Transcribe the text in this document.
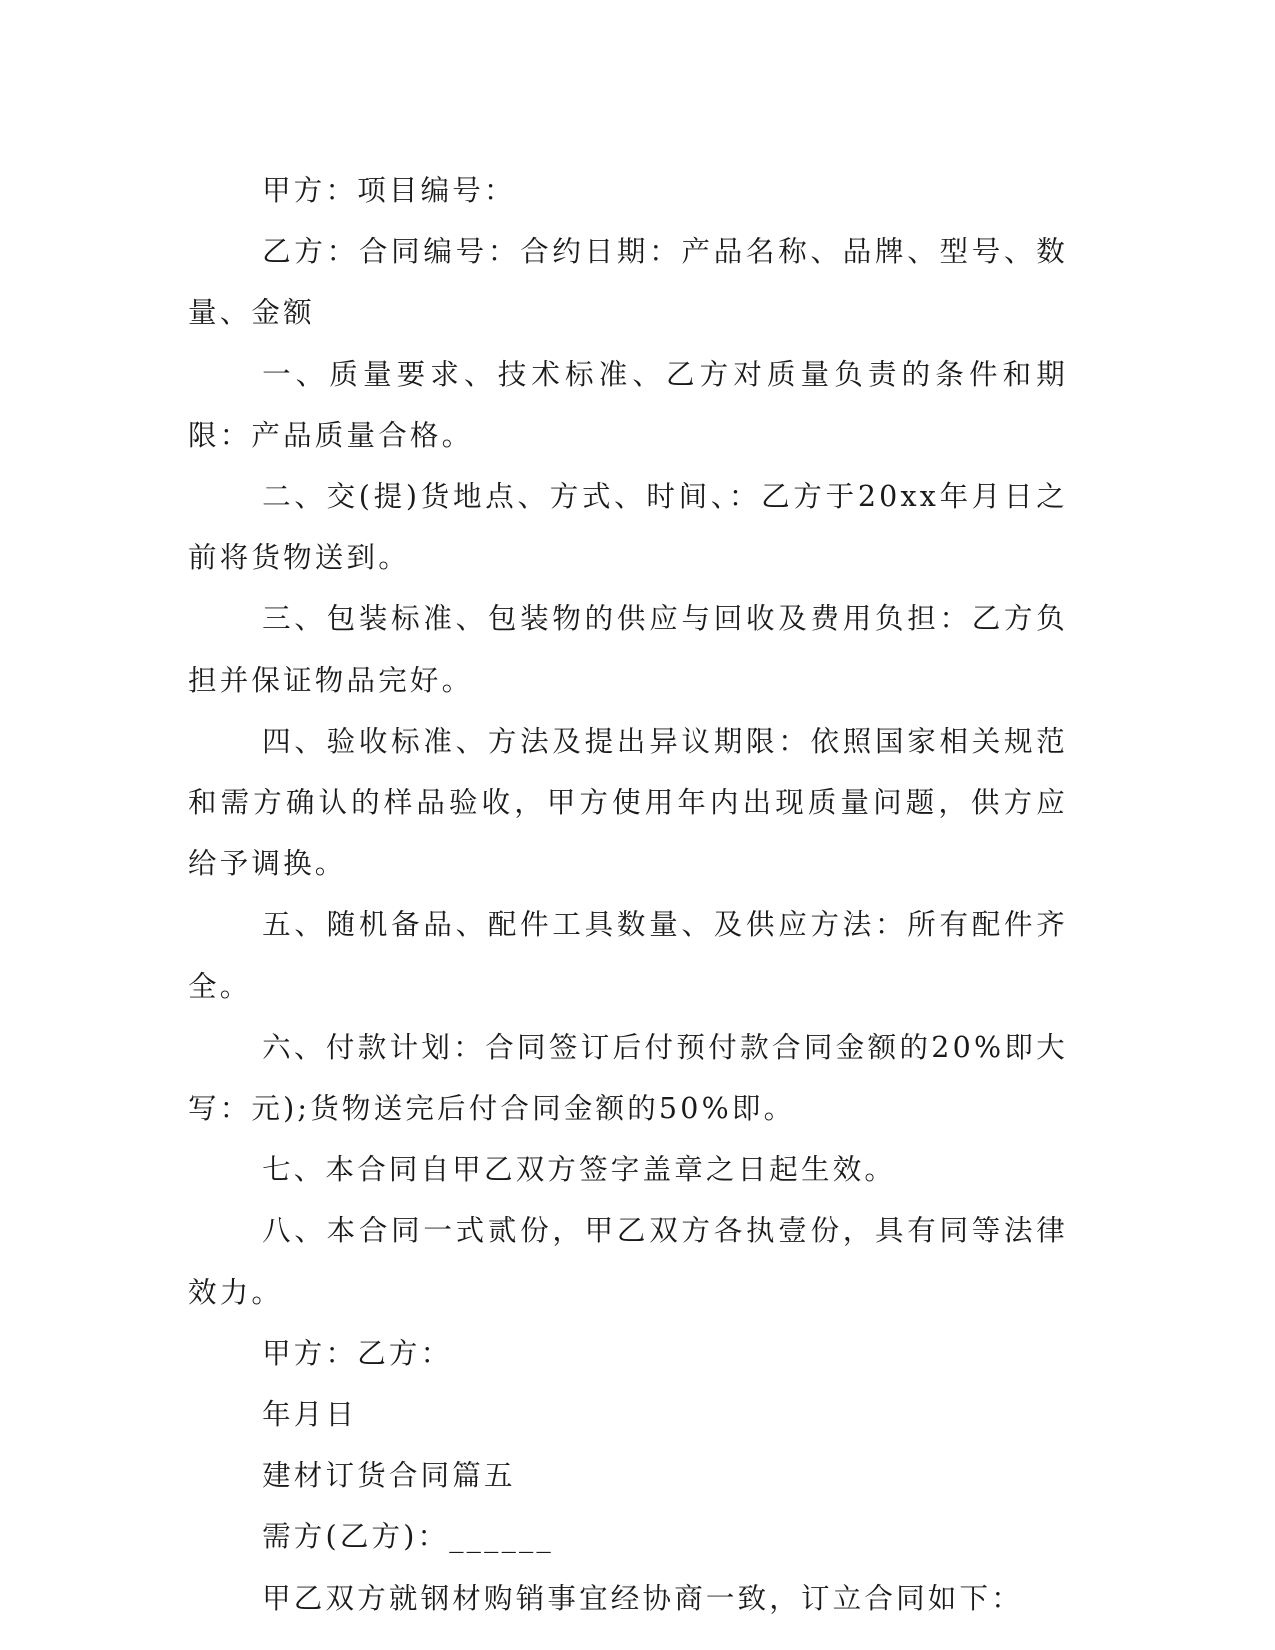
甲方：项目编号：

乙方：合同编号：合约日期：产品名称、品牌、型号、数量、金额

一、质量要求、技术标准、乙方对质量负责的条件和期限：产品质量合格。

二、交(提)货地点、方式、时间、：乙方于20xx年月日之前将货物送到。

三、包装标准、包装物的供应与回收及费用负担：乙方负担并保证物品完好。

四、验收标准、方法及提出异议期限：依照国家相关规范和需方确认的样品验收，甲方使用年内出现质量问题，供方应给予调换。

五、随机备品、配件工具数量、及供应方法：所有配件齐全。

六、付款计划：合同签订后付预付款合同金额的20%即大写：元);货物送完后付合同金额的50%即。

七、本合同自甲乙双方签字盖章之日起生效。

八、本合同一式贰份，甲乙双方各执壹份，具有同等法律效力。

甲方：乙方：

年月日

建材订货合同篇五

需方(乙方)：______

甲乙双方就钢材购销事宜经协商一致，订立合同如下：
